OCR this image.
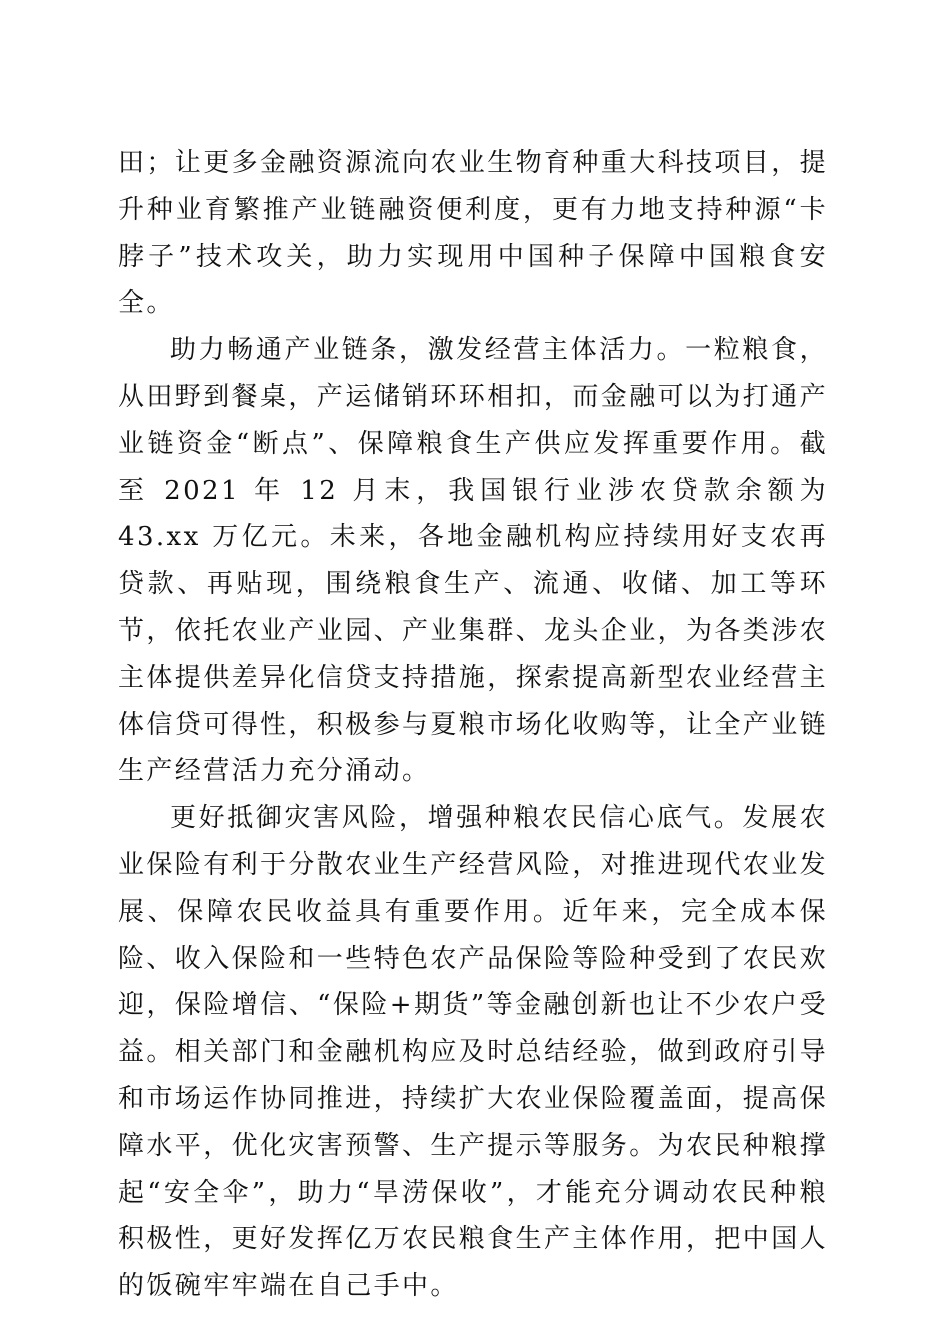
田；让更多金融资源流向农业生物育种重大科技项目，提升种业育繁推产业链融资便利度，更有力地支持种源“卡脖子”技术攻关，助力实现用中国种子保障中国粮食安全。

助力畅通产业链条，激发经营主体活力。一粒粮食，从田野到餐桌，产运储销环环相扣，而金融可以为打通产业链资金“断点”、保障粮食生产供应发挥重要作用。截至 2021 年 12 月末，我国银行业涉农贷款余额为 43.xx 万亿元。未来，各地金融机构应持续用好支农再贷款、再贴现，围绕粮食生产、流通、收储、加工等环节，依托农业产业园、产业集群、龙头企业，为各类涉农主体提供差异化信贷支持措施，探索提高新型农业经营主体信贷可得性，积极参与夏粮市场化收购等，让全产业链生产经营活力充分涌动。

更好抵御灾害风险，增强种粮农民信心底气。发展农业保险有利于分散农业生产经营风险，对推进现代农业发展、保障农民收益具有重要作用。近年来，完全成本保险、收入保险和一些特色农产品保险等险种受到了农民欢迎，保险增信、“保险+期货”等金融创新也让不少农户受益。相关部门和金融机构应及时总结经验，做到政府引导和市场运作协同推进，持续扩大农业保险覆盖面，提高保障水平，优化灾害预警、生产提示等服务。为农民种粮撑起“安全伞”，助力“旱涝保收”，才能充分调动农民种粮积极性，更好发挥亿万农民粮食生产主体作用，把中国人的饭碗牢牢端在自己手中。
